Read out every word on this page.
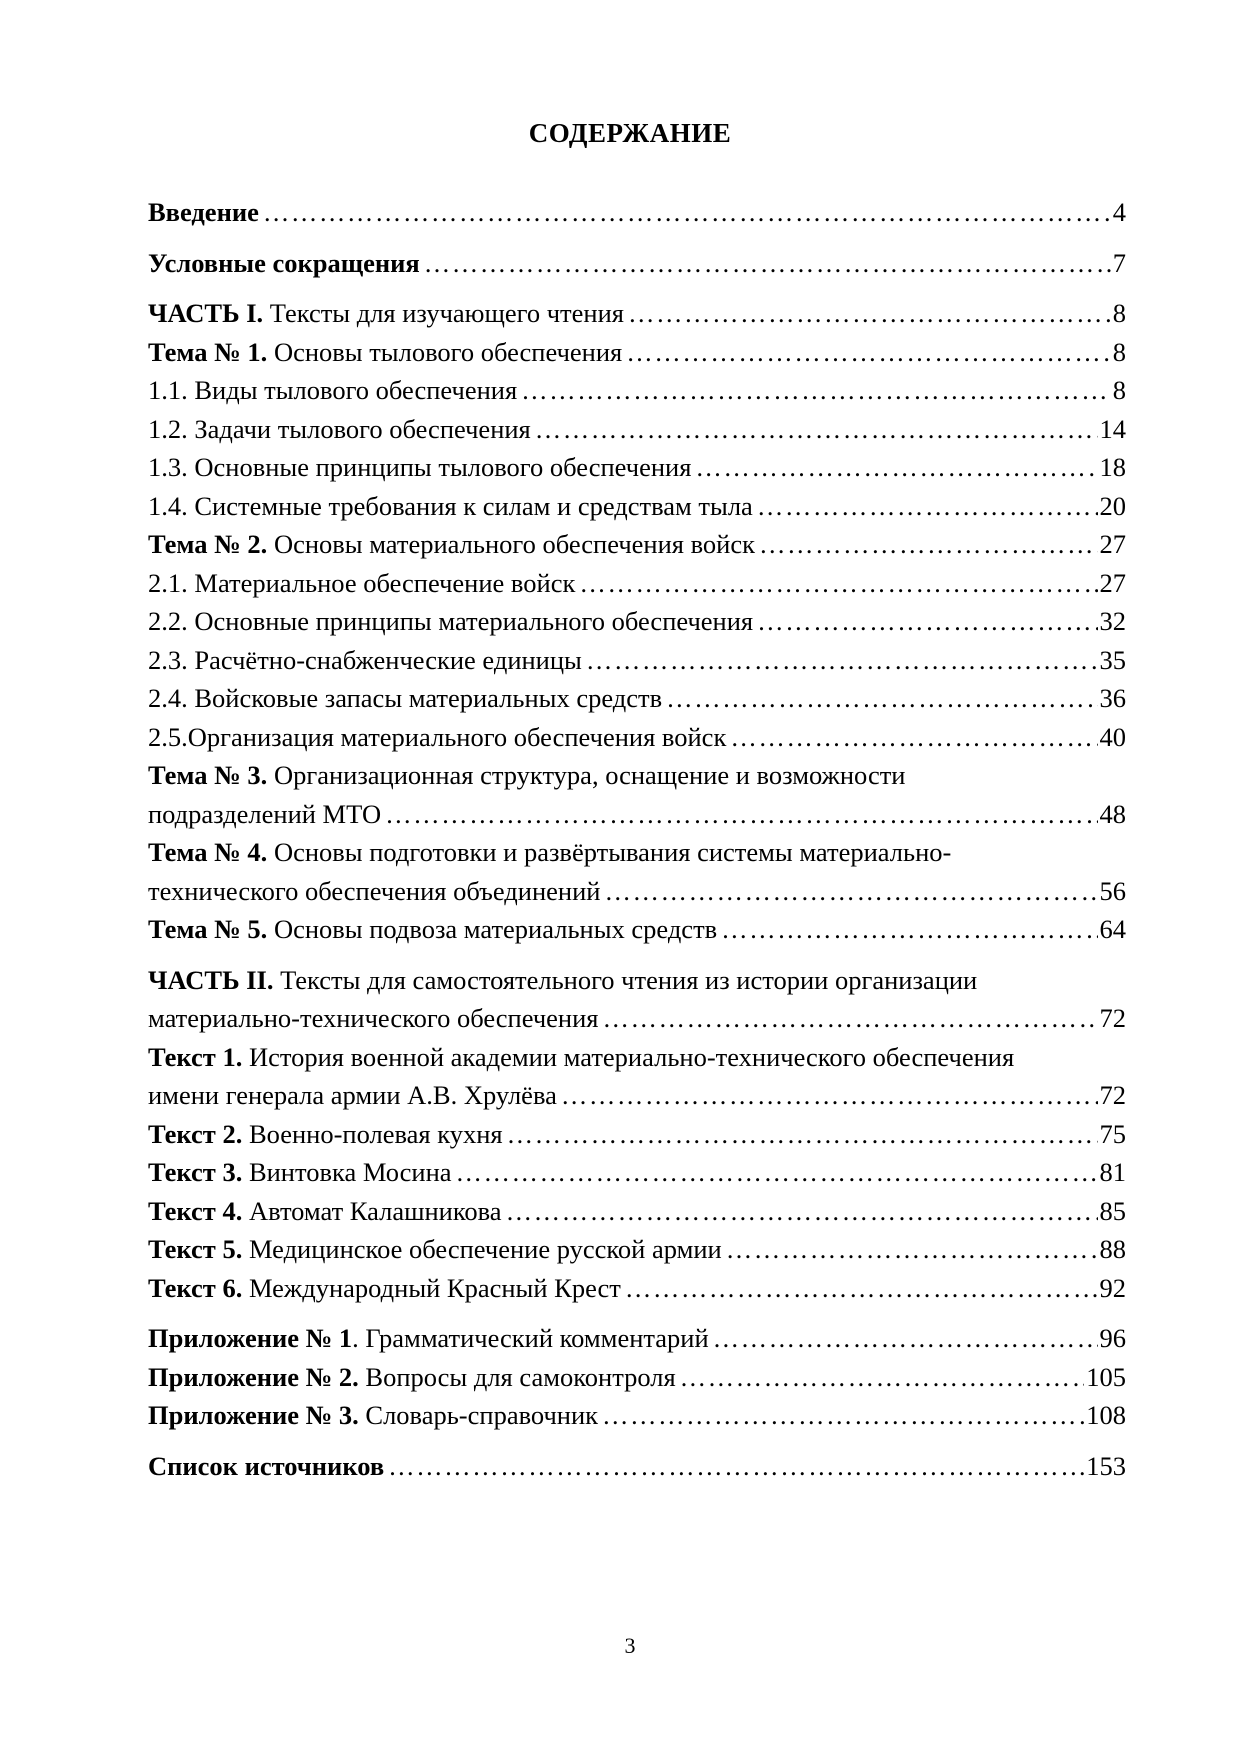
СОДЕРЖАНИЕ
Введение …………………………………………………………………………………………………………………………………………………………………………………………	4
Условные сокращения …………………………………………………………………………………………………………………………………………………………………………………………	7
ЧАСТЬ I. Тексты для изучающего чтения …………………………………………………………………………………………………………………………………………………………………………………………	8
Тема № 1. Основы тылового обеспечения …………………………………………………………………………………………………………………………………………………………………………………………	8
1.1. Виды тылового обеспечения …………………………………………………………………………………………………………………………………………………………………………………………	8
1.2. Задачи тылового обеспечения …………………………………………………………………………………………………………………………………………………………………………………………	14
1.3. Основные принципы тылового обеспечения …………………………………………………………………………………………………………………………………………………………………………………………	18
1.4. Системные требования к силам и средствам тыла …………………………………………………………………………………………………………………………………………………………………………………………	20
Тема № 2. Основы материального обеспечения войск …………………………………………………………………………………………………………………………………………………………………………………………	27
2.1. Материальное обеспечение войск …………………………………………………………………………………………………………………………………………………………………………………………	27
2.2. Основные принципы материального обеспечения …………………………………………………………………………………………………………………………………………………………………………………………	32
2.3. Расчётно-снабженческие единицы …………………………………………………………………………………………………………………………………………………………………………………………	35
2.4. Войсковые запасы материальных средств …………………………………………………………………………………………………………………………………………………………………………………………	36
2.5.Организация материального обеспечения войск …………………………………………………………………………………………………………………………………………………………………………………………	40
Тема № 3. Организационная структура, оснащение и возможности
подразделений МТО …………………………………………………………………………………………………………………………………………………………………………………………	48
Тема № 4. Основы подготовки и развёртывания системы материально-
технического обеспечения объединений …………………………………………………………………………………………………………………………………………………………………………………………	56
Тема № 5. Основы подвоза материальных средств …………………………………………………………………………………………………………………………………………………………………………………………	64
ЧАСТЬ II. Тексты для самостоятельного чтения из истории организации
материально-технического обеспечения …………………………………………………………………………………………………………………………………………………………………………………………	72
Текст 1. История военной академии материально-технического обеспечения
имени генерала армии А.В. Хрулёва …………………………………………………………………………………………………………………………………………………………………………………………	72
Текст 2. Военно-полевая кухня …………………………………………………………………………………………………………………………………………………………………………………………	75
Текст 3. Винтовка Мосина …………………………………………………………………………………………………………………………………………………………………………………………	81
Текст 4. Автомат Калашникова …………………………………………………………………………………………………………………………………………………………………………………………	85
Текст 5. Медицинское обеспечение русской армии …………………………………………………………………………………………………………………………………………………………………………………………	88
Текст 6. Международный Красный Крест …………………………………………………………………………………………………………………………………………………………………………………………	92
Приложение № 1. Грамматический комментарий …………………………………………………………………………………………………………………………………………………………………………………………	96
Приложение № 2. Вопросы для самоконтроля …………………………………………………………………………………………………………………………………………………………………………………………	105
Приложение № 3. Словарь-справочник …………………………………………………………………………………………………………………………………………………………………………………………	108
Список источников …………………………………………………………………………………………………………………………………………………………………………………………	153
3
